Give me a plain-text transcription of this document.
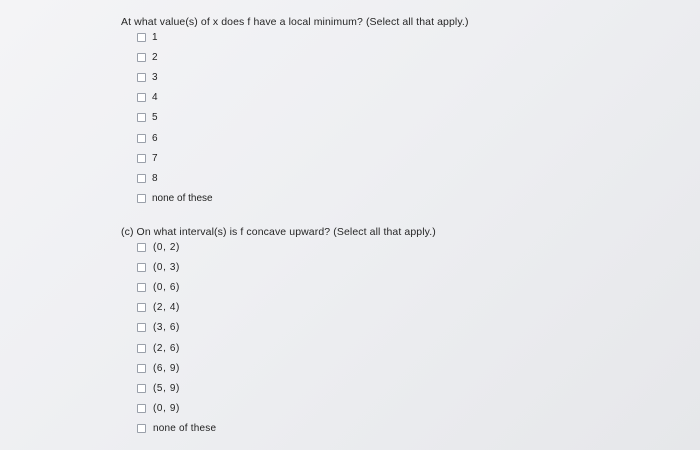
At what value(s) of x does f have a local minimum? (Select all that apply.)
1
2
3
4
5
6
7
8
none of these
(c) On what interval(s) is f concave upward? (Select all that apply.)
(0, 2)
(0, 3)
(0, 6)
(2, 4)
(3, 6)
(2, 6)
(6, 9)
(5, 9)
(0, 9)
none of these
